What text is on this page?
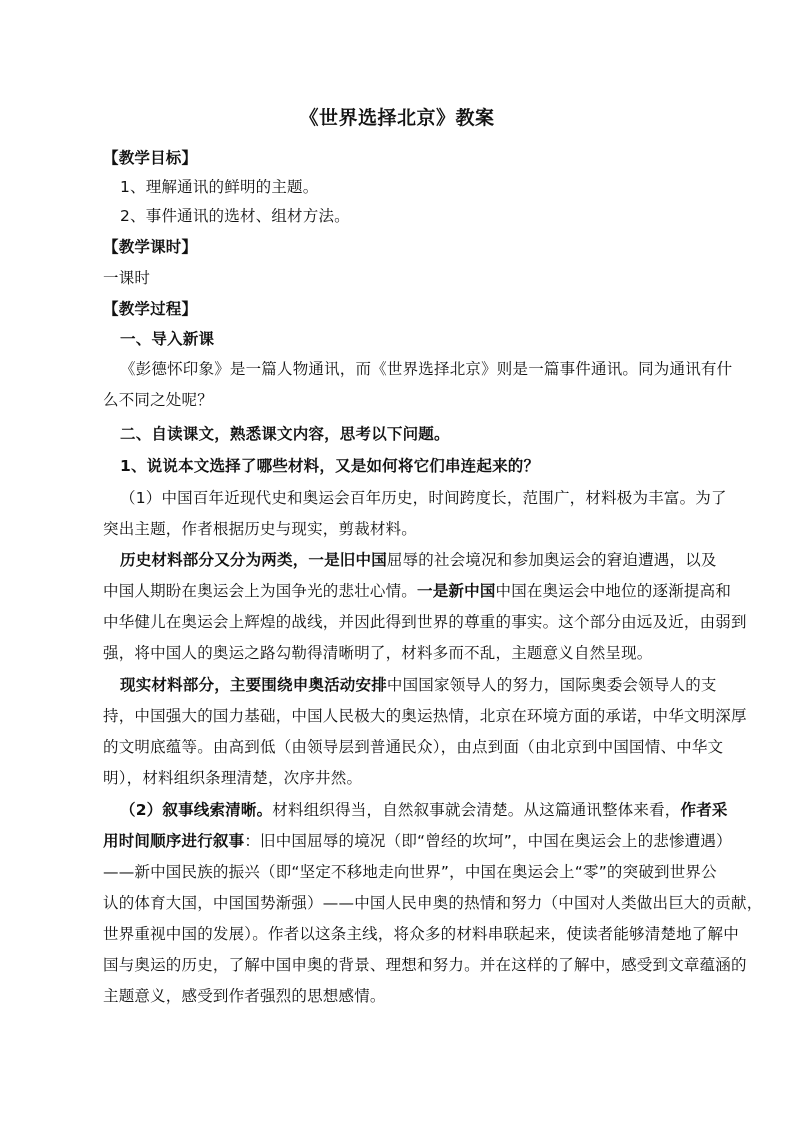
《世界选择北京》教案
【教学目标】
1、理解通讯的鲜明的主题。
2、事件通讯的选材、组材方法。
【教学课时】
一课时
【教学过程】
一、导入新课
《彭德怀印象》是一篇人物通讯，而《世界选择北京》则是一篇事件通讯。同为通讯有什
么不同之处呢？
二、自读课文，熟悉课文内容，思考以下问题。
1、说说本文选择了哪些材料，又是如何将它们串连起来的？
（1）中国百年近现代史和奥运会百年历史，时间跨度长，范围广，材料极为丰富。为了
突出主题，作者根据历史与现实，剪裁材料。
历史材料部分又分为两类，一是旧中国屈辱的社会境况和参加奥运会的窘迫遭遇，以及
中国人期盼在奥运会上为国争光的悲壮心情。一是新中国中国在奥运会中地位的逐渐提高和
中华健儿在奥运会上辉煌的战线，并因此得到世界的尊重的事实。这个部分由远及近，由弱到
强，将中国人的奥运之路勾勒得清晰明了，材料多而不乱，主题意义自然呈现。
现实材料部分，主要围绕申奥活动安排中国国家领导人的努力，国际奥委会领导人的支
持，中国强大的国力基础，中国人民极大的奥运热情，北京在环境方面的承诺，中华文明深厚
的文明底蕴等。由高到低（由领导层到普通民众），由点到面（由北京到中国国情、中华文
明），材料组织条理清楚，次序井然。
（2）叙事线索清晰。材料组织得当，自然叙事就会清楚。从这篇通讯整体来看，作者采
用时间顺序进行叙事：旧中国屈辱的境况（即“曾经的坎坷”，中国在奥运会上的悲惨遭遇）
——新中国民族的振兴（即“坚定不移地走向世界”，中国在奥运会上“零”的突破到世界公
认的体育大国，中国国势渐强）——中国人民申奥的热情和努力（中国对人类做出巨大的贡献，
世界重视中国的发展）。作者以这条主线，将众多的材料串联起来，使读者能够清楚地了解中
国与奥运的历史，了解中国申奥的背景、理想和努力。并在这样的了解中，感受到文章蕴涵的
主题意义，感受到作者强烈的思想感情。
